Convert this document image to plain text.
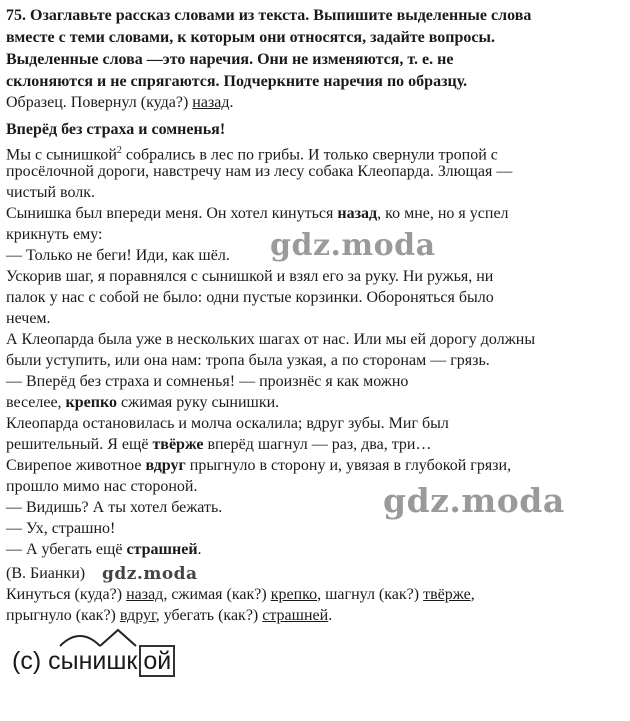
75. Озаглавьте рассказ словами из текста. Выпишите выделенные слова
вместе с теми словами, к которым они относятся, задайте вопросы.
Выделенные слова —это наречия. Они не изменяются, т. е. не
склоняются и не спрягаются. Подчеркните наречия по образцу.
Образец. Повернул (куда?) назад.
Вперёд без страха и сомненья!
Мы с сынишкой$^2$ собрались в лес по грибы. И только свернули тропой с
просёлочной дороги, навстречу нам из лесу собака Клеопарда. Злющая —
чистый волк.
Сынишка был впереди меня. Он хотел кинуться назад, ко мне, но я успел
крикнуть ему:
— Только не беги! Иди, как шёл.
Ускорив шаг, я поравнялся с сынишкой и взял его за руку. Ни ружья, ни
палок у нас с собой не было: одни пустые корзинки. Обороняться было
нечем.
А Клеопарда была уже в нескольких шагах от нас. Или мы ей дорогу должны
были уступить, или она нам: тропа была узкая, а по сторонам — грязь.
— Вперёд без страха и сомненья! — произнёс я как можно
веселее, крепко сжимая руку сынишки.
Клеопарда остановилась и молча оскалила; вдруг зубы. Миг был
решительный. Я ещё твёрже вперёд шагнул — раз, два, три…
Свирепое животное вдруг прыгнуло в сторону и, увязая в глубокой грязи,
прошло мимо нас стороной.
— Видишь? А ты хотел бежать.
— Ух, страшно!
— А убегать ещё страшней.
(В. Бианки)
Кинуться (куда?) назад, сжимая (как?) крепко, шагнул (как?) твёрже,
прыгнуло (как?) вдруг, убегать (как?) страшней.
(с) сынишк ой
gdz.moda
gdz.moda
gdz.moda
